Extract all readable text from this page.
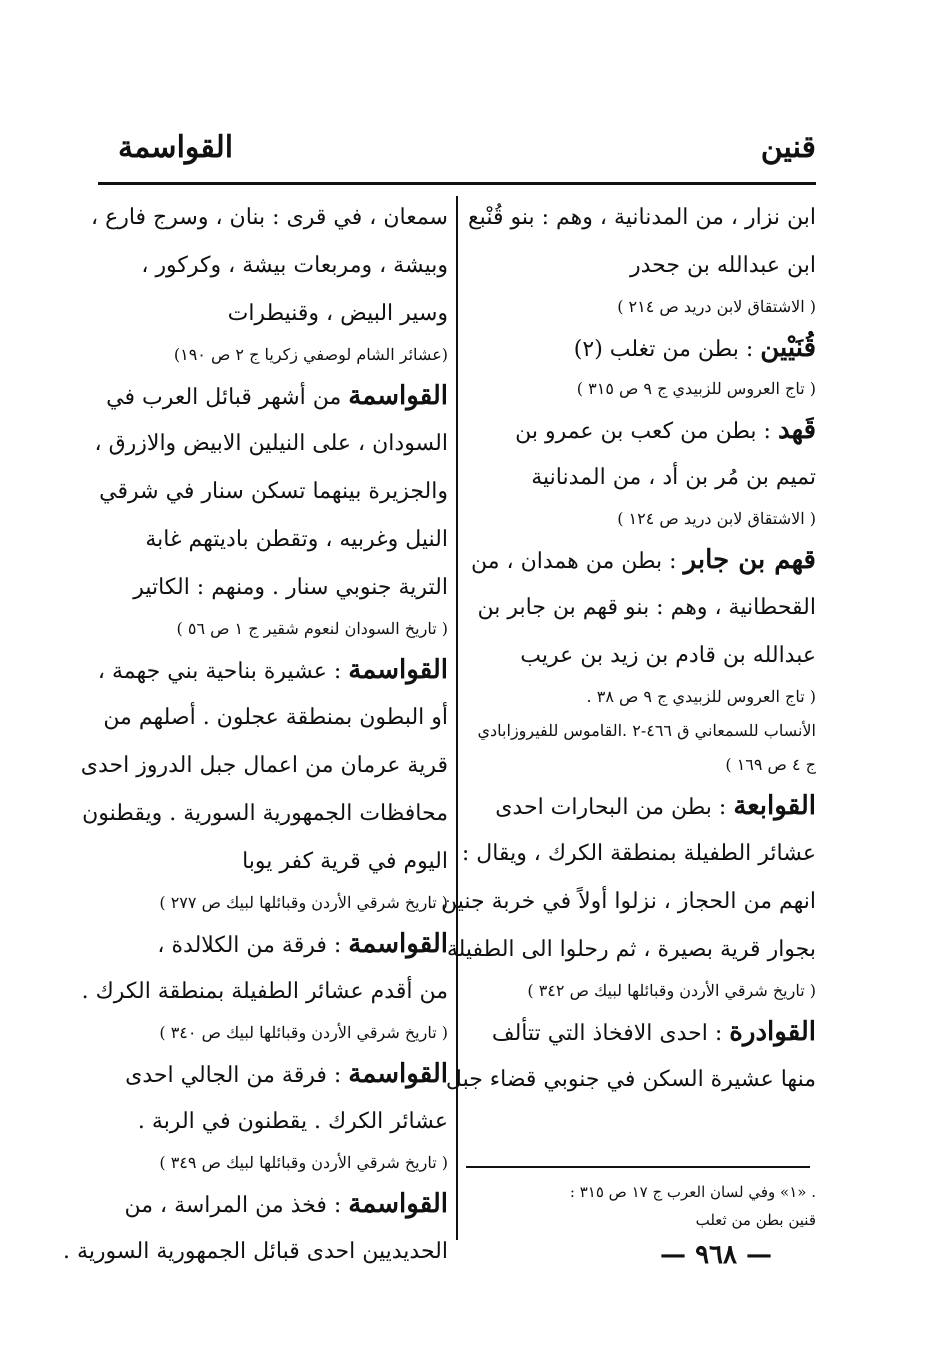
قنين
القواسمة
ابن نزار ، من المدنانية ، وهم : بنو قُنْبع
ابن عبدالله بن جحدر
( الاشتقاق لابن دريد ص ٢١٤ )
قُنَيْين : بطن من تغلب (٢)
( تاج العروس للزبيدي ج ٩ ص ٣١٥ )
قَهد : بطن من كعب بن عمرو بن
تميم بن مُر بن أد ، من المدنانية
( الاشتقاق لابن دريد ص ١٢٤ )
قهم بن جابر : بطن من همدان ، من
القحطانية ، وهم : بنو قهم بن جابر بن
عبدالله بن قادم بن زيد بن عريب
( تاج العروس للزبيدي ج ٩ ص ٣٨ .
الأنساب للسمعاني ق ٤٦٦-٢ .القاموس للفيروزابادي
ج ٤ ص ١٦٩ )
القوابعة : بطن من البحارات احدى
عشائر الطفيلة بمنطقة الكرك ، ويقال :
انهم من الحجاز ، نزلوا أولاً في خربة جنين .
بجوار قرية بصيرة ، ثم رحلوا الى الطفيلة
( تاريخ شرقي الأردن وقبائلها لبيك ص ٣٤٢ )
القوادرة : احدى الافخاذ التي تتألف
منها عشيرة السكن في جنوبي قضاء جبل
سمعان ، في قرى : بنان ، وسرج فارع ،
وبيشة ، ومربعات بيشة ، وكركور ،
وسير البيض ، وقنيطرات
(عشائر الشام لوصفي زكريا ج ٢ ص ١٩٠)
القواسمة من أشهر قبائل العرب في
السودان ، على النيلين الابيض والازرق ،
والجزيرة بينهما تسكن سنار في شرقي
النيل وغربيه ، وتقطن باديتهم غابة
الترية جنوبي سنار . ومنهم : الكاتير
( تاريخ السودان لنعوم شقير ج ١ ص ٥٦ )
القواسمة : عشيرة بناحية بني جهمة ،
أو البطون بمنطقة عجلون . أصلهم من
قرية عرمان من اعمال جبل الدروز احدى
محافظات الجمهورية السورية . ويقطنون
اليوم في قرية كفر يوبا
( تاريخ شرقي الأردن وقبائلها لبيك ص ٢٧٧ )
القواسمة : فرقة من الكلالدة ،
من أقدم عشائر الطفيلة بمنطقة الكرك .
( تاريخ شرقي الأردن وقبائلها لبيك ص ٣٤٠ )
القواسمة : فرقة من الجالي احدى
عشائر الكرك . يقطنون في الربة .
( تاريخ شرقي الأردن وقبائلها لبيك ص ٣٤٩ )
القواسمة : فخذ من المراسة ، من
الحديديين احدى قبائل الجمهورية السورية .
. «١» وفي لسان العرب ج ١٧ ص ٣١٥ :
قنين بطن من ثعلب
— ٩٦٨ —
